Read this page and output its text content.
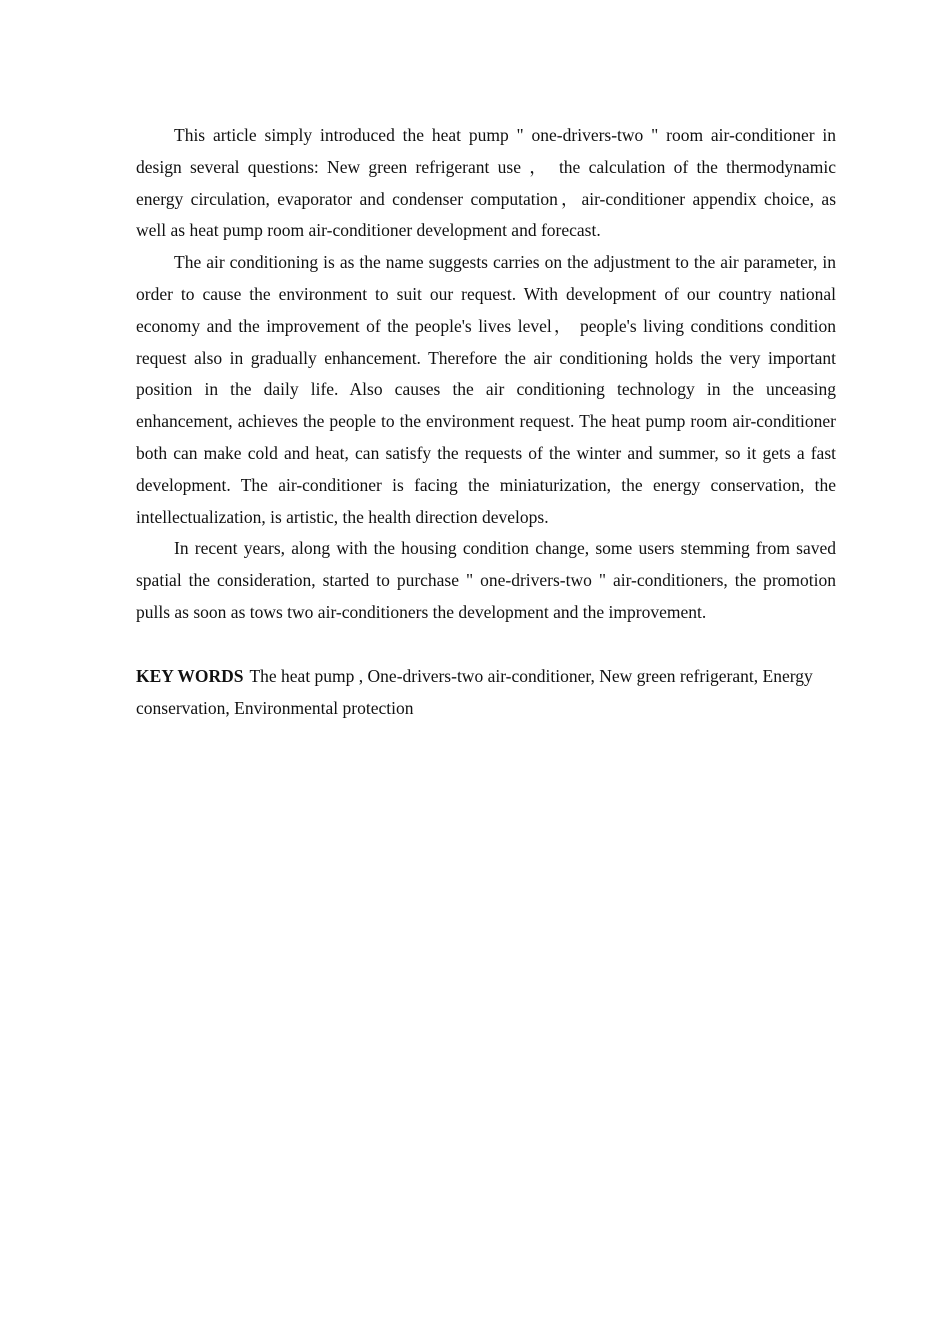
This article simply introduced the heat pump " one-drivers-two " room air-conditioner in design several questions: New green refrigerant use ， the calculation of the thermodynamic energy circulation, evaporator and condenser computation，air-conditioner appendix choice, as well as heat pump room air-conditioner development and forecast.

The air conditioning is as the name suggests carries on the adjustment to the air parameter, in order to cause the environment to suit our request. With development of our country national economy and the improvement of the people's lives level， people's living conditions condition request also in gradually enhancement. Therefore the air conditioning holds the very important position in the daily life. Also causes the air conditioning technology in the unceasing enhancement, achieves the people to the environment request. The heat pump room air-conditioner both can make cold and heat, can satisfy the requests of the winter and summer, so it gets a fast development. The air-conditioner is facing the miniaturization, the energy conservation, the intellectualization, is artistic, the health direction develops.

In recent years, along with the housing condition change, some users stemming from saved spatial the consideration, started to purchase " one-drivers-two " air-conditioners, the promotion pulls as soon as tows two air-conditioners the development and the improvement.

KEY WORDS The heat pump , One-drivers-two air-conditioner, New green refrigerant, Energy conservation, Environmental protection
